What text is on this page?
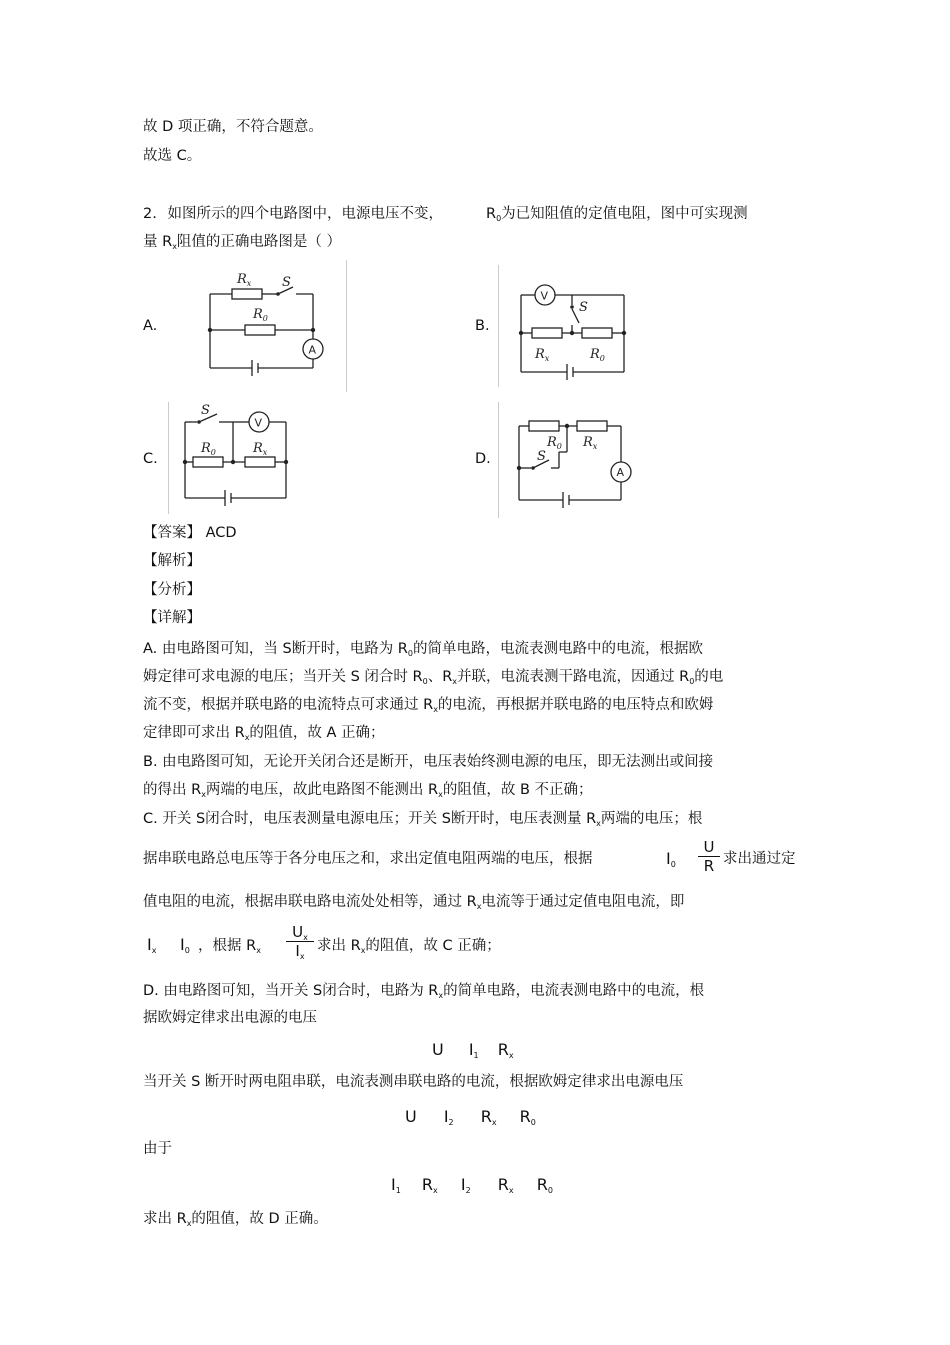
故 D 项正确，不符合题意。
故选 C。
2. 如图所示的四个电路图中，电源电压不变，	$R_0$为已知阻值的定值电阻，图中可实现测
量 $R_x$阻值的正确电路图是（ ）
A.	B.
C.	D.
$R_x$
$R_0$
S
A	$R_x$	$R_0$
S
V
S
$R_0$	$R_x$
V
$R_0$ $R_x$
S
A
【答案】 ACD
【解析】
【分析】
【详解】
A. 由电路图可知，当 S断开时，电路为 $R_0$的简单电路，电流表测电路中的电流，根据欧
姆定律可求电源的电压；当开关 S 闭合时 $R_0$、$R_x$并联，电流表测干路电流，因通过 $R_0$的电
流不变，根据并联电路的电流特点可求通过 $R_x$的电流，再根据并联电路的电压特点和欧姆
定律即可求出 $R_x$的阻值，故 A 正确；
B. 由电路图可知，无论开关闭合还是断开，电压表始终测电源的电压，即无法测出或间接
的得出 $R_x$两端的电压，故此电路图不能测出 $R_x$的阻值，故 B 不正确；
C. 开关 S闭合时，电压表测量电源电压；开关 S断开时，电压表测量 $R_x$两端的电压；根
据串联电路总电压等于各分电压之和，求出定值电阻两端的电压，根据	$I0 \frac{U}{R}$ 求出通过定
值电阻的电流，根据串联电路电流处处相等，通过 $R_x$电流等于通过定值电阻电流，即
Ix I0 ，根据 $R_x \frac{U_x}{I_x}$ 求出 $R_x$的阻值，故 C 正确；
D. 由电路图可知，当开关 S闭合时，电路为 $R_x$的简单电路，电流表测电路中的电流，根
据欧姆定律求出电源的电压
U I1 Rx
当开关 S 断开时两电阻串联，电流表测串联电路的电流，根据欧姆定律求出电源电压
U I2 Rx R0
由于
I1 Rx I2 Rx R0
求出 $R_x$的阻值，故 D 正确。
